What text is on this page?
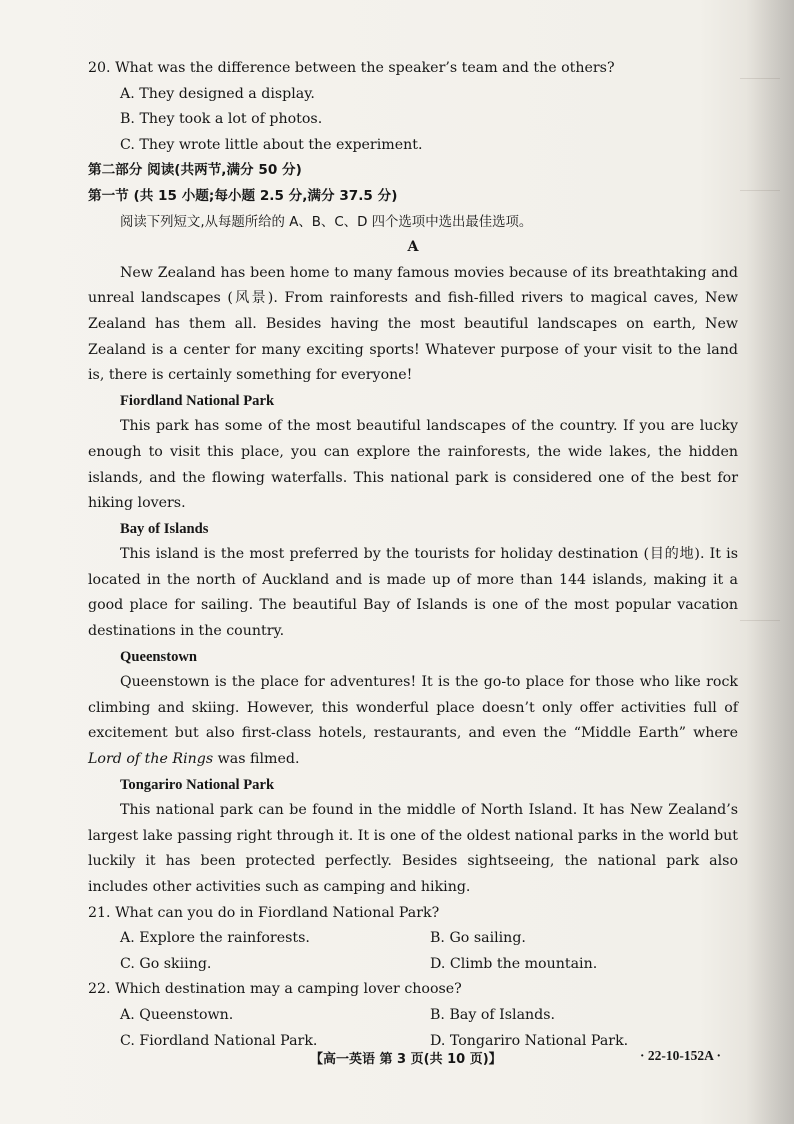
20. What was the difference between the speaker’s team and the others?

A. They designed a display.

B. They took a lot of photos.

C. They wrote little about the experiment.

第二部分 阅读(共两节,满分 50 分)

第一节 (共 15 小题;每小题 2.5 分,满分 37.5 分)

阅读下列短文,从每题所给的 A、B、C、D 四个选项中选出最佳选项。

A

New Zealand has been home to many famous movies because of its breathtaking and unreal landscapes (风景). From rainforests and fish-filled rivers to magical caves, New Zealand has them all. Besides having the most beautiful landscapes on earth, New Zealand is a center for many exciting sports! Whatever purpose of your visit to the land is, there is certainly something for everyone!

Fiordland National Park

This park has some of the most beautiful landscapes of the country. If you are lucky enough to visit this place, you can explore the rainforests, the wide lakes, the hidden islands, and the flowing waterfalls. This national park is considered one of the best for hiking lovers.

Bay of Islands

This island is the most preferred by the tourists for holiday destination (目的地). It is located in the north of Auckland and is made up of more than 144 islands, making it a good place for sailing. The beautiful Bay of Islands is one of the most popular vacation destinations in the country.

Queenstown

Queenstown is the place for adventures! It is the go-to place for those who like rock climbing and skiing. However, this wonderful place doesn’t only offer activities full of excitement but also first-class hotels, restaurants, and even the “Middle Earth” where Lord of the Rings was filmed.

Tongariro National Park

This national park can be found in the middle of North Island. It has New Zealand’s largest lake passing right through it. It is one of the oldest national parks in the world but luckily it has been protected perfectly. Besides sightseeing, the national park also includes other activities such as camping and hiking.

21. What can you do in Fiordland National Park?

A. Explore the rainforests.	B. Go sailing.
C. Go skiing.	D. Climb the mountain.

22. Which destination may a camping lover choose?

A. Queenstown.	B. Bay of Islands.
C. Fiordland National Park.	D. Tongariro National Park.
【高一英语 第 3 页(共 10 页)】	· 22-10-152A ·
